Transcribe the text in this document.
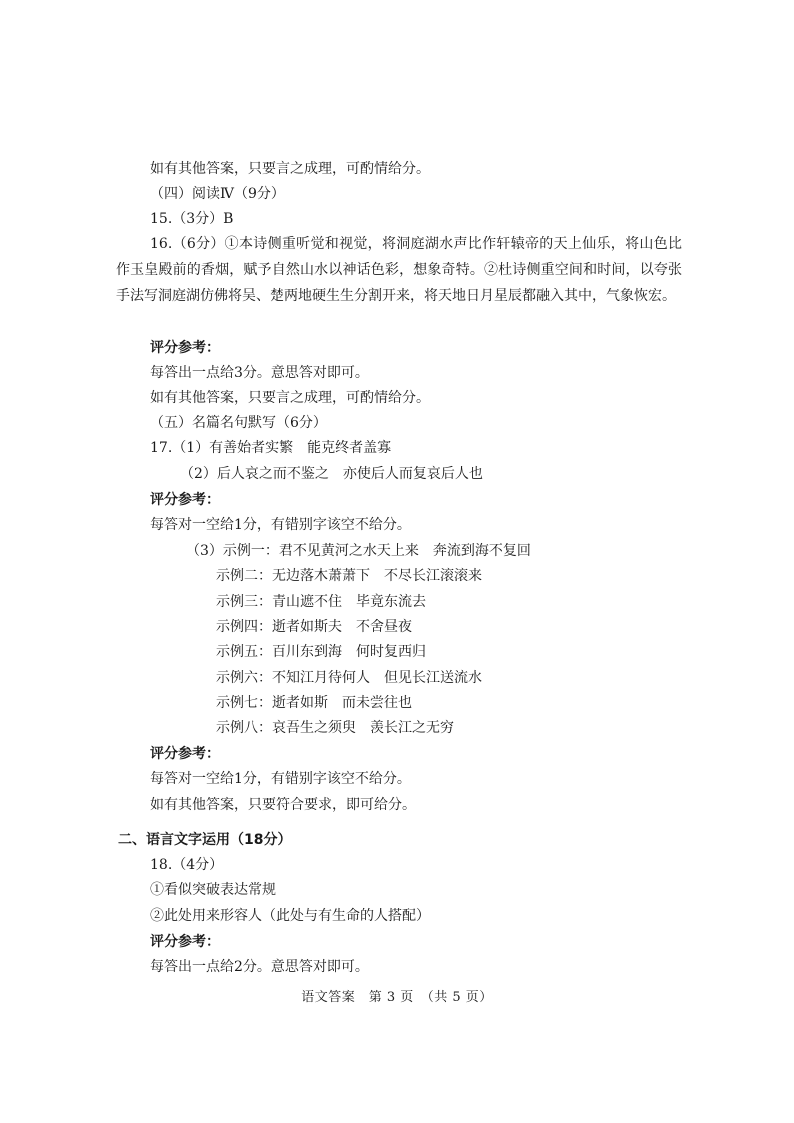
如有其他答案，只要言之成理，可酌情给分。
（四）阅读Ⅳ（9分）
15.（3分）B
16.（6分）①本诗侧重听觉和视觉，将洞庭湖水声比作轩辕帝的天上仙乐，将山色比作玉皇殿前的香烟，赋予自然山水以神话色彩，想象奇特。②杜诗侧重空间和时间，以夸张手法写洞庭湖仿佛将吴、楚两地硬生生分割开来，将天地日月星辰都融入其中，气象恢宏。
评分参考：
每答出一点给3分。意思答对即可。
如有其他答案，只要言之成理，可酌情给分。
（五）名篇名句默写（6分）
17.（1）有善始者实繁　能克终者盖寡
（2）后人哀之而不鉴之　亦使后人而复哀后人也
评分参考：
每答对一空给1分，有错别字该空不给分。
（3）示例一：君不见黄河之水天上来　奔流到海不复回
示例二：无边落木萧萧下　不尽长江滚滚来
示例三：青山遮不住　毕竟东流去
示例四：逝者如斯夫　不舍昼夜
示例五：百川东到海　何时复西归
示例六：不知江月待何人　但见长江送流水
示例七：逝者如斯　而未尝往也
示例八：哀吾生之须臾　羡长江之无穷
评分参考：
每答对一空给1分，有错别字该空不给分。
如有其他答案，只要符合要求，即可给分。
二、语言文字运用（18分）
18.（4分）
①看似突破表达常规
②此处用来形容人（此处与有生命的人搭配）
评分参考：
每答出一点给2分。意思答对即可。
语文答案　第 3 页　（共 5 页）
